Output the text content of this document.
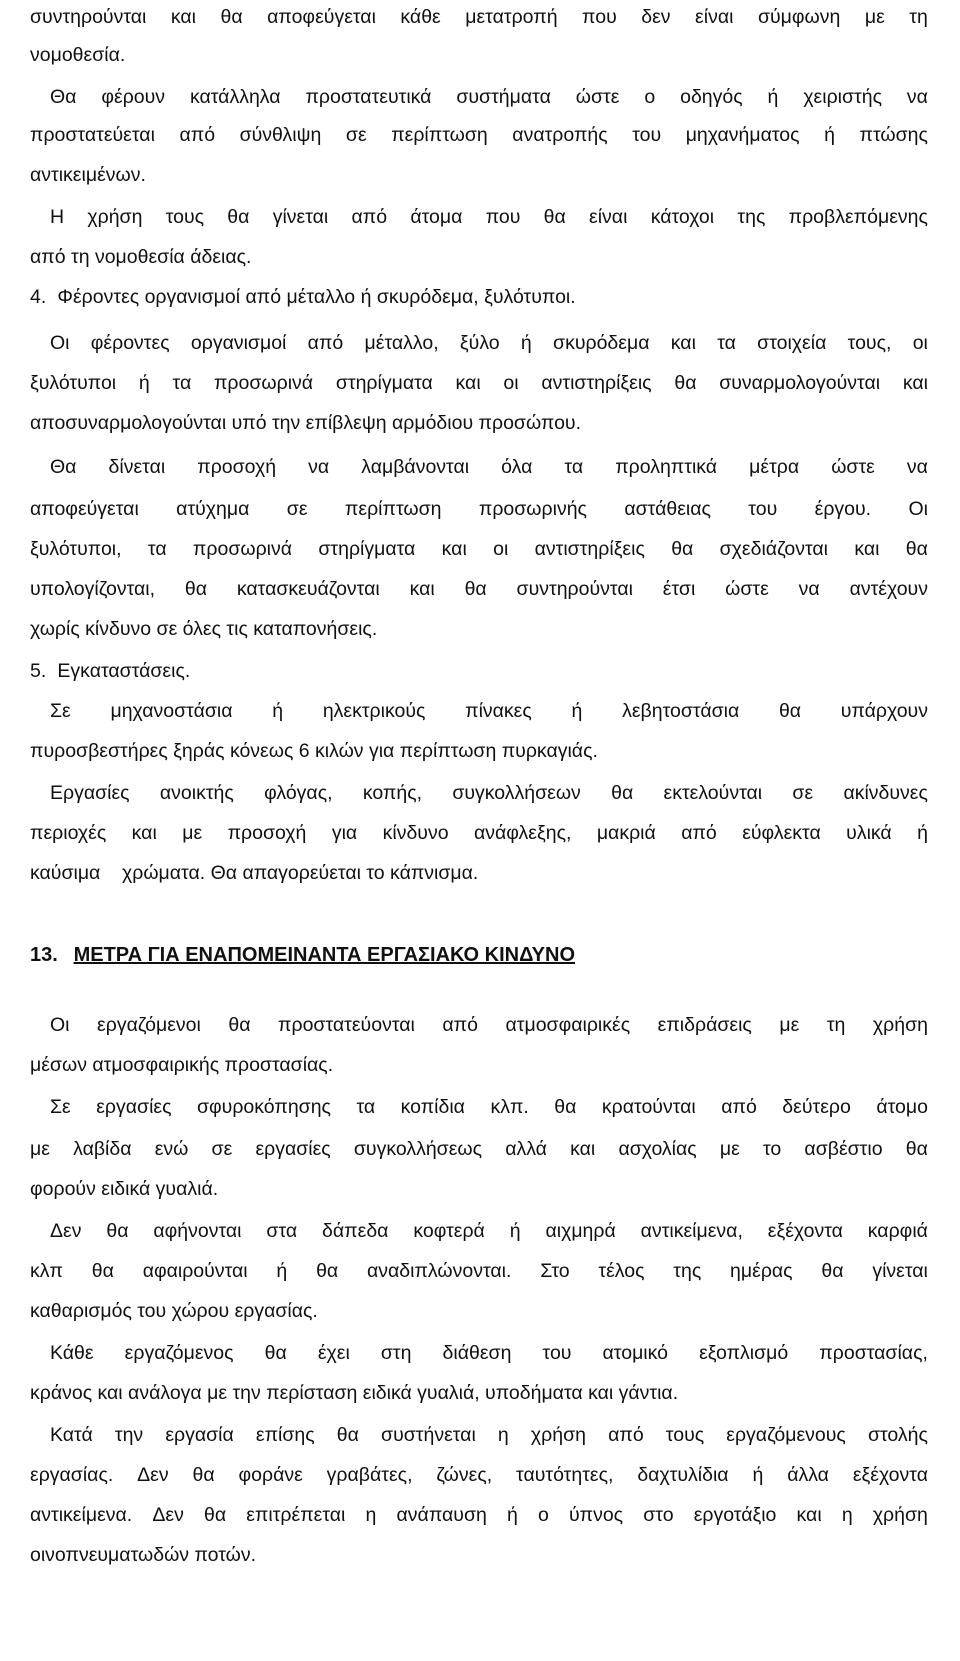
συντηρούνται και θα αποφεύγεται κάθε μετατροπή που δεν είναι σύμφωνη με τη
νομοθεσία.
Θα φέρουν κατάλληλα προστατευτικά συστήματα ώστε ο οδηγός ή χειριστής να
προστατεύεται από σύνθλιψη σε περίπτωση ανατροπής του μηχανήματος ή πτώσης
αντικειμένων.
Η χρήση τους θα γίνεται από άτομα που θα είναι κάτοχοι της προβλεπόμενης
από τη νομοθεσία άδειας.
4. Φέροντες οργανισμοί από μέταλλο ή σκυρόδεμα, ξυλότυποι.
Οι φέροντες οργανισμοί από μέταλλο, ξύλο ή σκυρόδεμα και τα στοιχεία τους, οι
ξυλότυποι ή τα προσωρινά στηρίγματα και οι αντιστηρίξεις θα συναρμολογούνται και
αποσυναρμολογούνται υπό την επίβλεψη αρμόδιου προσώπου.
Θα δίνεται προσοχή να λαμβάνονται όλα τα προληπτικά μέτρα ώστε να
αποφεύγεται ατύχημα σε περίπτωση προσωρινής αστάθειας του έργου. Οι
ξυλότυποι, τα προσωρινά στηρίγματα και οι αντιστηρίξεις θα σχεδιάζονται και θα
υπολογίζονται, θα κατασκευάζονται και θα συντηρούνται έτσι ώστε να αντέχουν
χωρίς κίνδυνο σε όλες τις καταπονήσεις.
5. Εγκαταστάσεις.
Σε μηχανοστάσια ή ηλεκτρικούς πίνακες ή λεβητοστάσια θα υπάρχουν
πυροσβεστήρες ξηράς κόνεως 6 κιλών για περίπτωση πυρκαγιάς.
Εργασίες ανοικτής φλόγας, κοπής, συγκολλήσεων θα εκτελούνται σε ακίνδυνες
περιοχές και με προσοχή για κίνδυνο ανάφλεξης, μακριά από εύφλεκτα υλικά ή
καύσιμα    χρώματα. Θα απαγορεύεται το κάπνισμα.
13. ΜΕΤΡΑ ΓΙΑ ΕΝΑΠΟΜΕΙΝΑΝΤΑ ΕΡΓΑΣΙΑΚΟ ΚΙΝΔΥΝΟ
Οι εργαζόμενοι θα προστατεύονται από ατμοσφαιρικές επιδράσεις με τη χρήση
μέσων ατμοσφαιρικής προστασίας.
Σε εργασίες σφυροκόπησης τα κοπίδια κλπ. θα κρατούνται από δεύτερο άτομο
με λαβίδα ενώ σε εργασίες συγκολλήσεως αλλά και ασχολίας με το ασβέστιο θα
φορούν ειδικά γυαλιά.
Δεν θα αφήνονται στα δάπεδα κοφτερά ή αιχμηρά αντικείμενα, εξέχοντα καρφιά
κλπ θα αφαιρούνται ή θα αναδιπλώνονται. Στο τέλος της ημέρας θα γίνεται
καθαρισμός του χώρου εργασίας.
Κάθε εργαζόμενος θα έχει στη διάθεση του ατομικό εξοπλισμό προστασίας,
κράνος και ανάλογα με την περίσταση ειδικά γυαλιά, υποδήματα και γάντια.
Κατά την εργασία επίσης θα συστήνεται η χρήση από τους εργαζόμενους στολής
εργασίας. Δεν θα φοράνε γραβάτες, ζώνες, ταυτότητες, δαχτυλίδια ή άλλα εξέχοντα
αντικείμενα. Δεν θα επιτρέπεται η ανάπαυση ή ο ύπνος στο εργοτάξιο και η χρήση
οινοπνευματωδών ποτών.
